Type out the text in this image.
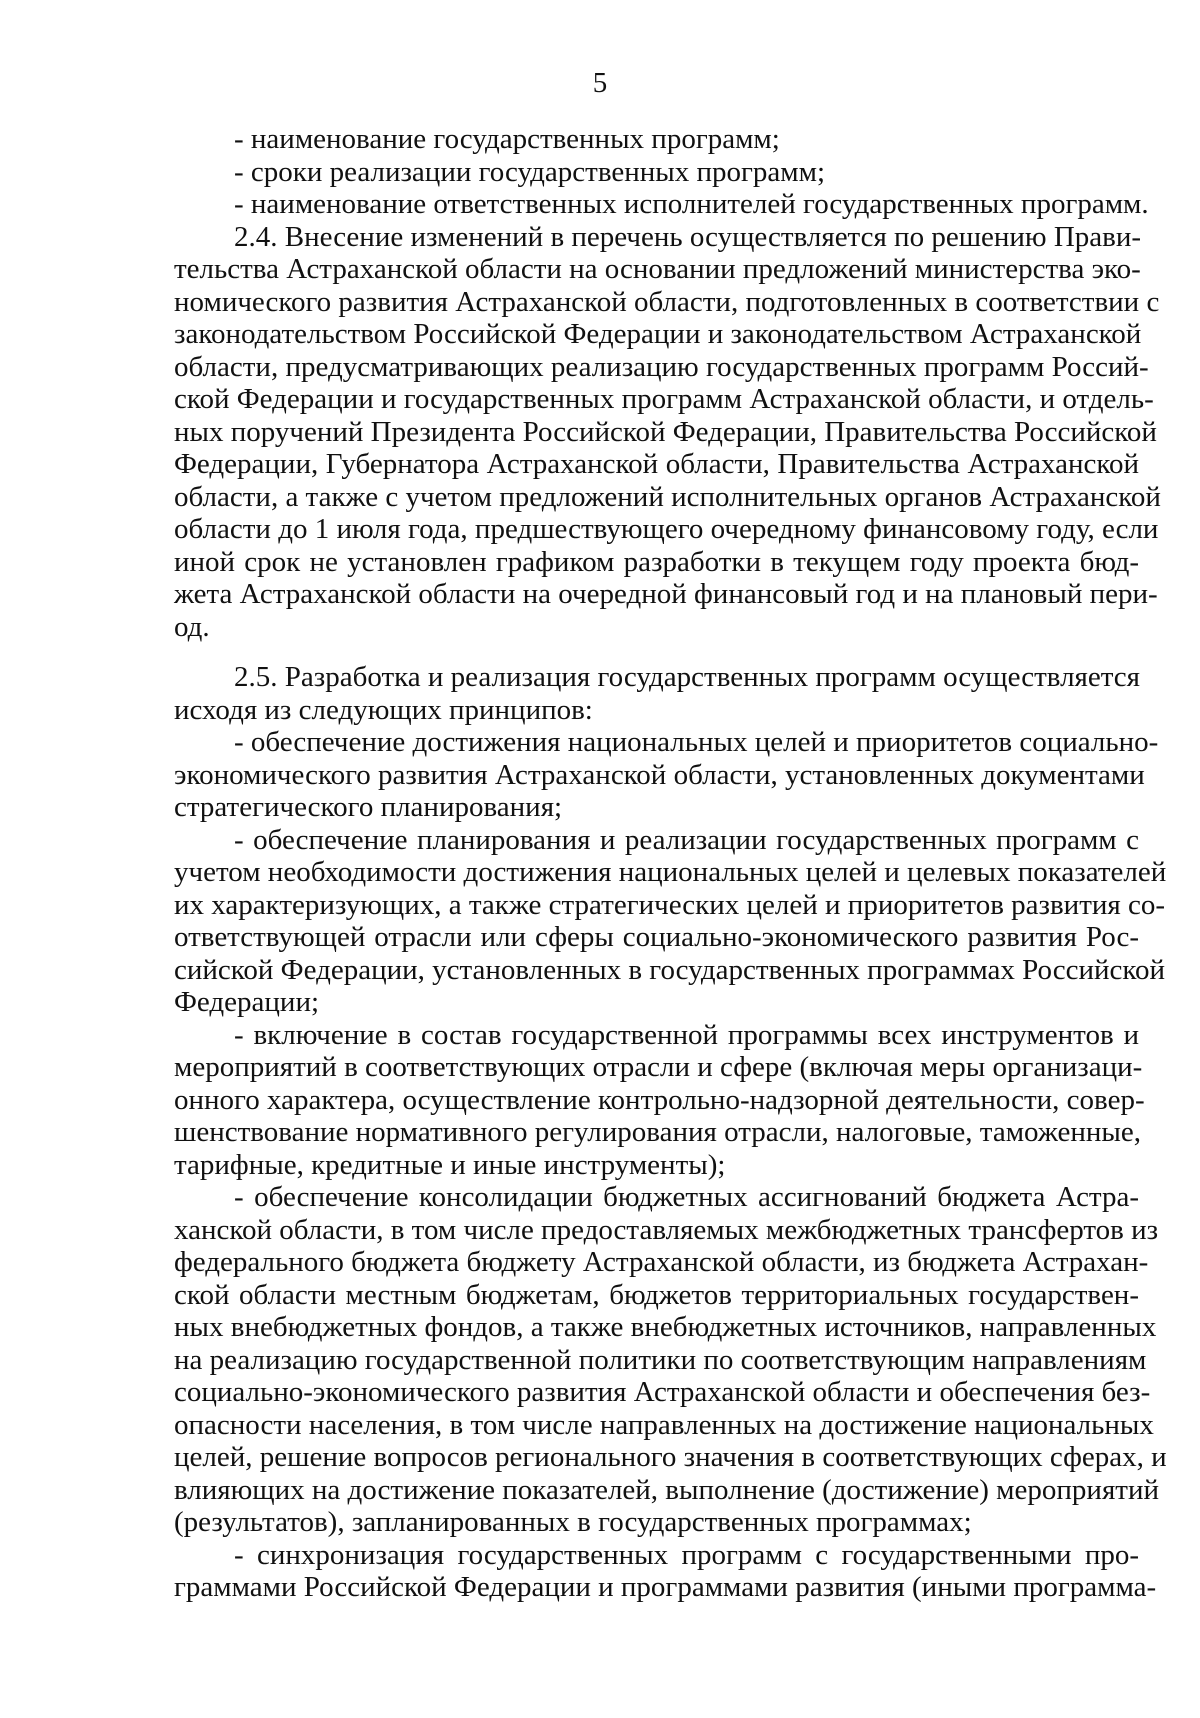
5
- наименование государственных программ;
- сроки реализации государственных программ;
- наименование ответственных исполнителей государственных программ.
2.4. Внесение изменений в перечень осуществляется по решению Прави-
тельства Астраханской области на основании предложений министерства эко-
номического развития Астраханской области, подготовленных в соответствии с
законодательством Российской Федерации и законодательством Астраханской
области, предусматривающих реализацию государственных программ Россий-
ской Федерации и государственных программ Астраханской области, и отдель-
ных поручений Президента Российской Федерации, Правительства Российской
Федерации, Губернатора Астраханской области, Правительства Астраханской
области, а также с учетом предложений исполнительных органов Астраханской
области до 1 июля года, предшествующего очередному финансовому году, если
иной срок не установлен графиком разработки в текущем году проекта бюд-
жета Астраханской области на очередной финансовый год и на плановый пери-
од.
2.5. Разработка и реализация государственных программ осуществляется
исходя из следующих принципов:
- обеспечение достижения национальных целей и приоритетов социально-
экономического развития Астраханской области, установленных документами
стратегического планирования;
- обеспечение планирования и реализации государственных программ с
учетом необходимости достижения национальных целей и целевых показателей
их характеризующих, а также стратегических целей и приоритетов развития со-
ответствующей отрасли или сферы социально-экономического развития Рос-
сийской Федерации, установленных в государственных программах Российской
Федерации;
- включение в состав государственной программы всех инструментов и
мероприятий в соответствующих отрасли и сфере (включая меры организаци-
онного характера, осуществление контрольно-надзорной деятельности, совер-
шенствование нормативного регулирования отрасли, налоговые, таможенные,
тарифные, кредитные и иные инструменты);
- обеспечение консолидации бюджетных ассигнований бюджета Астра-
ханской области, в том числе предоставляемых межбюджетных трансфертов из
федерального бюджета бюджету Астраханской области, из бюджета Астрахан-
ской области местным бюджетам, бюджетов территориальных государствен-
ных внебюджетных фондов, а также внебюджетных источников, направленных
на реализацию государственной политики по соответствующим направлениям
социально-экономического развития Астраханской области и обеспечения без-
опасности населения, в том числе направленных на достижение национальных
целей, решение вопросов регионального значения в соответствующих сферах, и
влияющих на достижение показателей, выполнение (достижение) мероприятий
(результатов), запланированных в государственных программах;
- синхронизация государственных программ с государственными про-
граммами Российской Федерации и программами развития (иными программа-
